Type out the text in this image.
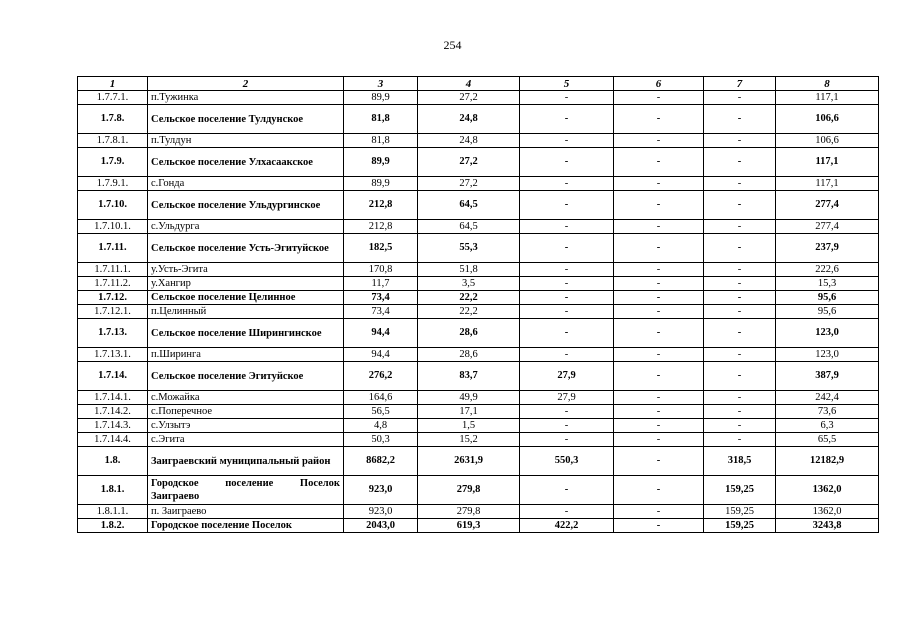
254
1	2	3	4	5	6	7	8
1.7.7.1.	п.Тужинка	89,9	27,2	-	-	-	117,1
1.7.8.	Сельское поселение Тулдунское	81,8	24,8	-	-	-	106,6
1.7.8.1.	п.Тулдун	81,8	24,8	-	-	-	106,6
1.7.9.	Сельское поселение Улхасаакское	89,9	27,2	-	-	-	117,1
1.7.9.1.	с.Гонда	89,9	27,2	-	-	-	117,1
1.7.10.	Сельское поселение Ульдургинское	212,8	64,5	-	-	-	277,4
1.7.10.1.	с.Ульдурга	212,8	64,5	-	-	-	277,4
1.7.11.	Сельское поселение Усть-Эгитуйское	182,5	55,3	-	-	-	237,9
1.7.11.1.	у.Усть-Эгита	170,8	51,8	-	-	-	222,6
1.7.11.2.	у.Хангир	11,7	3,5	-	-	-	15,3
1.7.12.	Сельское поселение Целинное	73,4	22,2	-	-	-	95,6
1.7.12.1.	п.Целинный	73,4	22,2	-	-	-	95,6
1.7.13.	Сельское поселение Ширингинское	94,4	28,6	-	-	-	123,0
1.7.13.1.	п.Ширинга	94,4	28,6	-	-	-	123,0
1.7.14.	Сельское поселение Эгитуйское	276,2	83,7	27,9	-	-	387,9
1.7.14.1.	с.Можайка	164,6	49,9	27,9	-	-	242,4
1.7.14.2.	с.Поперечное	56,5	17,1	-	-	-	73,6
1.7.14.3.	с.Улзытэ	4,8	1,5	-	-	-	6,3
1.7.14.4.	с.Эгита	50,3	15,2	-	-	-	65,5
1.8.	Заиграевский муниципальный район	8682,2	2631,9	550,3	-	318,5	12182,9
1.8.1.	Городское поселение Поселок Заиграево	923,0	279,8	-	-	159,25	1362,0
1.8.1.1.	п. Заиграево	923,0	279,8	-	-	159,25	1362,0
1.8.2.	Городское поселение Поселок	2043,0	619,3	422,2	-	159,25	3243,8
